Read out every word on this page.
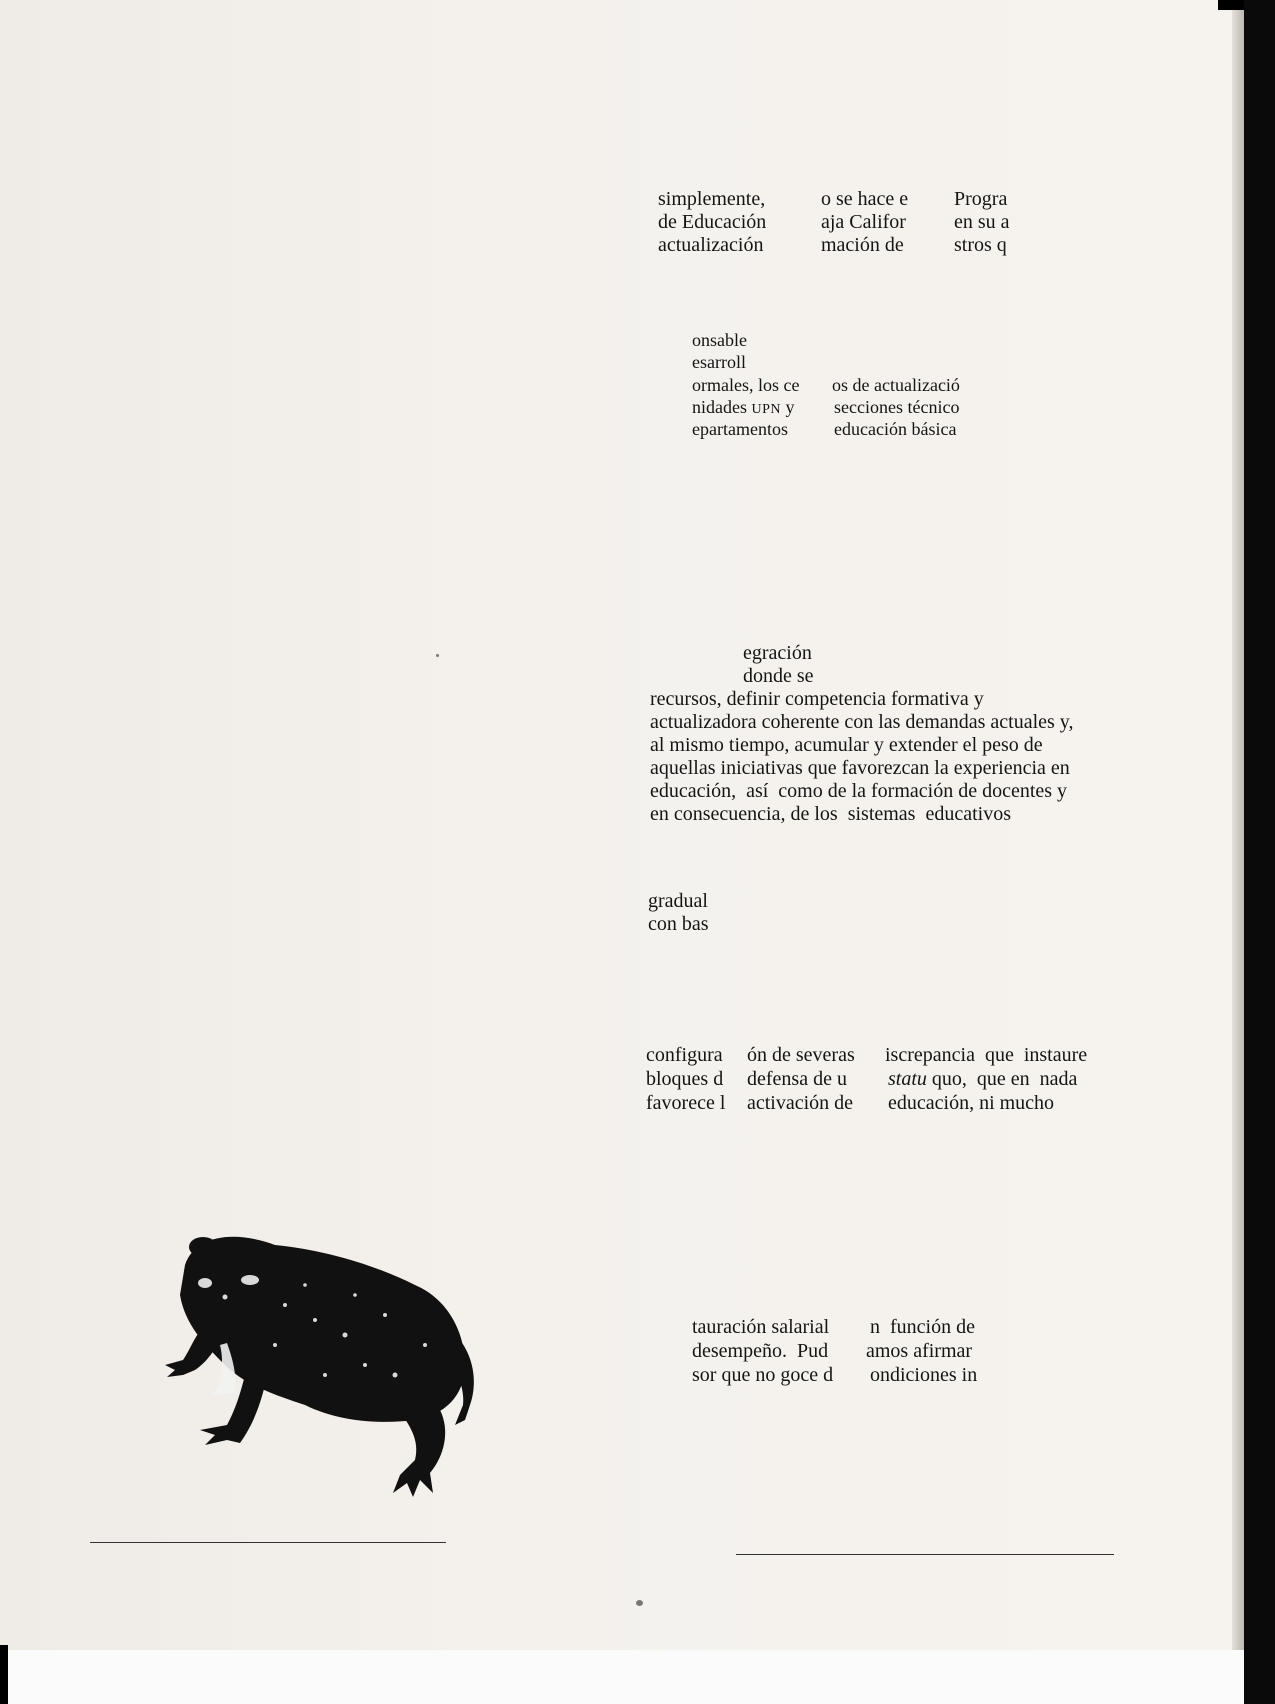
simplemente,
de Educación
actualización
o se hace e
aja Califor
mación de
Progra
en su a
stros q
onsable
esarroll
ormales, los ce
nidades UPN y
epartamentos
os de actualizació
secciones técnico
educación básica
egración
donde se
recursos, definir competencia formativa y
actualizadora coherente con las demandas actuales y,
al mismo tiempo, acumular y extender el peso de
aquellas iniciativas que favorezcan la experiencia en
educación,  así  como de la formación de docentes y
en consecuencia, de los  sistemas  educativos
gradual
con bas
configura
bloques d
favorece l
ón de severas
defensa de u
activación de
iscrepancia  que  instaure
statu quo,  que en  nada
educación, ni mucho
tauración salarial
desempeño.  Pud
sor que no goce d
n  función de
amos afirmar
ondiciones in
